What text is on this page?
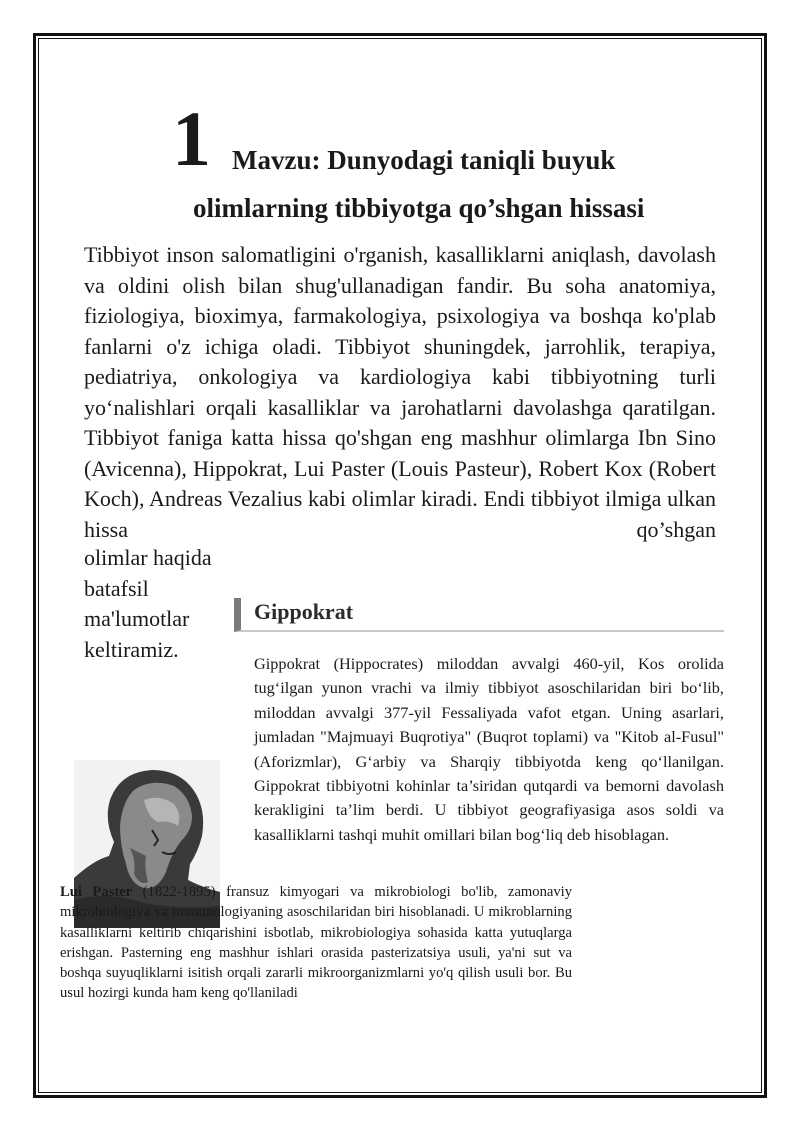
1 Mavzu: Dunyodagi taniqli buyuk
olimlarning tibbiyotga qo’shgan hissasi

Tibbiyot inson salomatligini o'rganish, kasalliklarni aniqlash, davolash va oldini olish bilan shug'ullanadigan fandir. Bu soha anatomiya, fiziologiya, bioximya, farmakologiya, psixologiya va boshqa ko'plab fanlarni o'z ichiga oladi. Tibbiyot shuningdek, jarrohlik, terapiya, pediatriya, onkologiya va kardiologiya kabi tibbiyotning turli yo‘nalishlari orqali kasalliklar va jarohatlarni davolashga qaratilgan. Tibbiyot faniga katta hissa qo'shgan eng mashhur olimlarga Ibn Sino (Avicenna), Hippokrat, Lui Paster (Louis Pasteur), Robert Kox (Robert Koch), Andreas Vezalius kabi olimlar kiradi. Endi tibbiyot ilmiga ulkan hissa qo’shgan

olimlar haqida batafsil ma'lumotlar keltiramiz.

Gippokrat

Gippokrat (Hippocrates) miloddan avvalgi 460-yil, Kos orolida tug‘ilgan yunon vrachi va ilmiy tibbiyot asoschilaridan biri bo‘lib, miloddan avvalgi 377-yil Fessaliyada vafot etgan. Uning asarlari, jumladan "Majmuayi Buqrotiya" (Buqrot toplami) va "Kitob al-Fusul" (Aforizmlar), G‘arbiy va Sharqiy tibbiyotda keng qo‘llanilgan. Gippokrat tibbiyotni kohinlar ta’siridan qutqardi va bemorni davolash kerakligini ta’lim berdi. U tibbiyot geografiyasiga asos soldi va kasalliklarni tashqi muhit omillari bilan bog‘liq deb hisoblagan.

Lui Paster (1822-1895) fransuz kimyogari va mikrobiologi bo'lib, zamonaviy mikrobiologiya va immunologiyaning asoschilaridan biri hisoblanadi. U mikroblarning kasalliklarni keltirib chiqarishini isbotlab, mikrobiologiya sohasida katta yutuqlarga erishgan. Pasterning eng mashhur ishlari orasida pasterizatsiya usuli, ya'ni sut va boshqa suyuqliklarni isitish orqali zararli mikroorganizmlarni yo'q qilish usuli bor. Bu usul hozirgi kunda ham keng qo'llaniladi
